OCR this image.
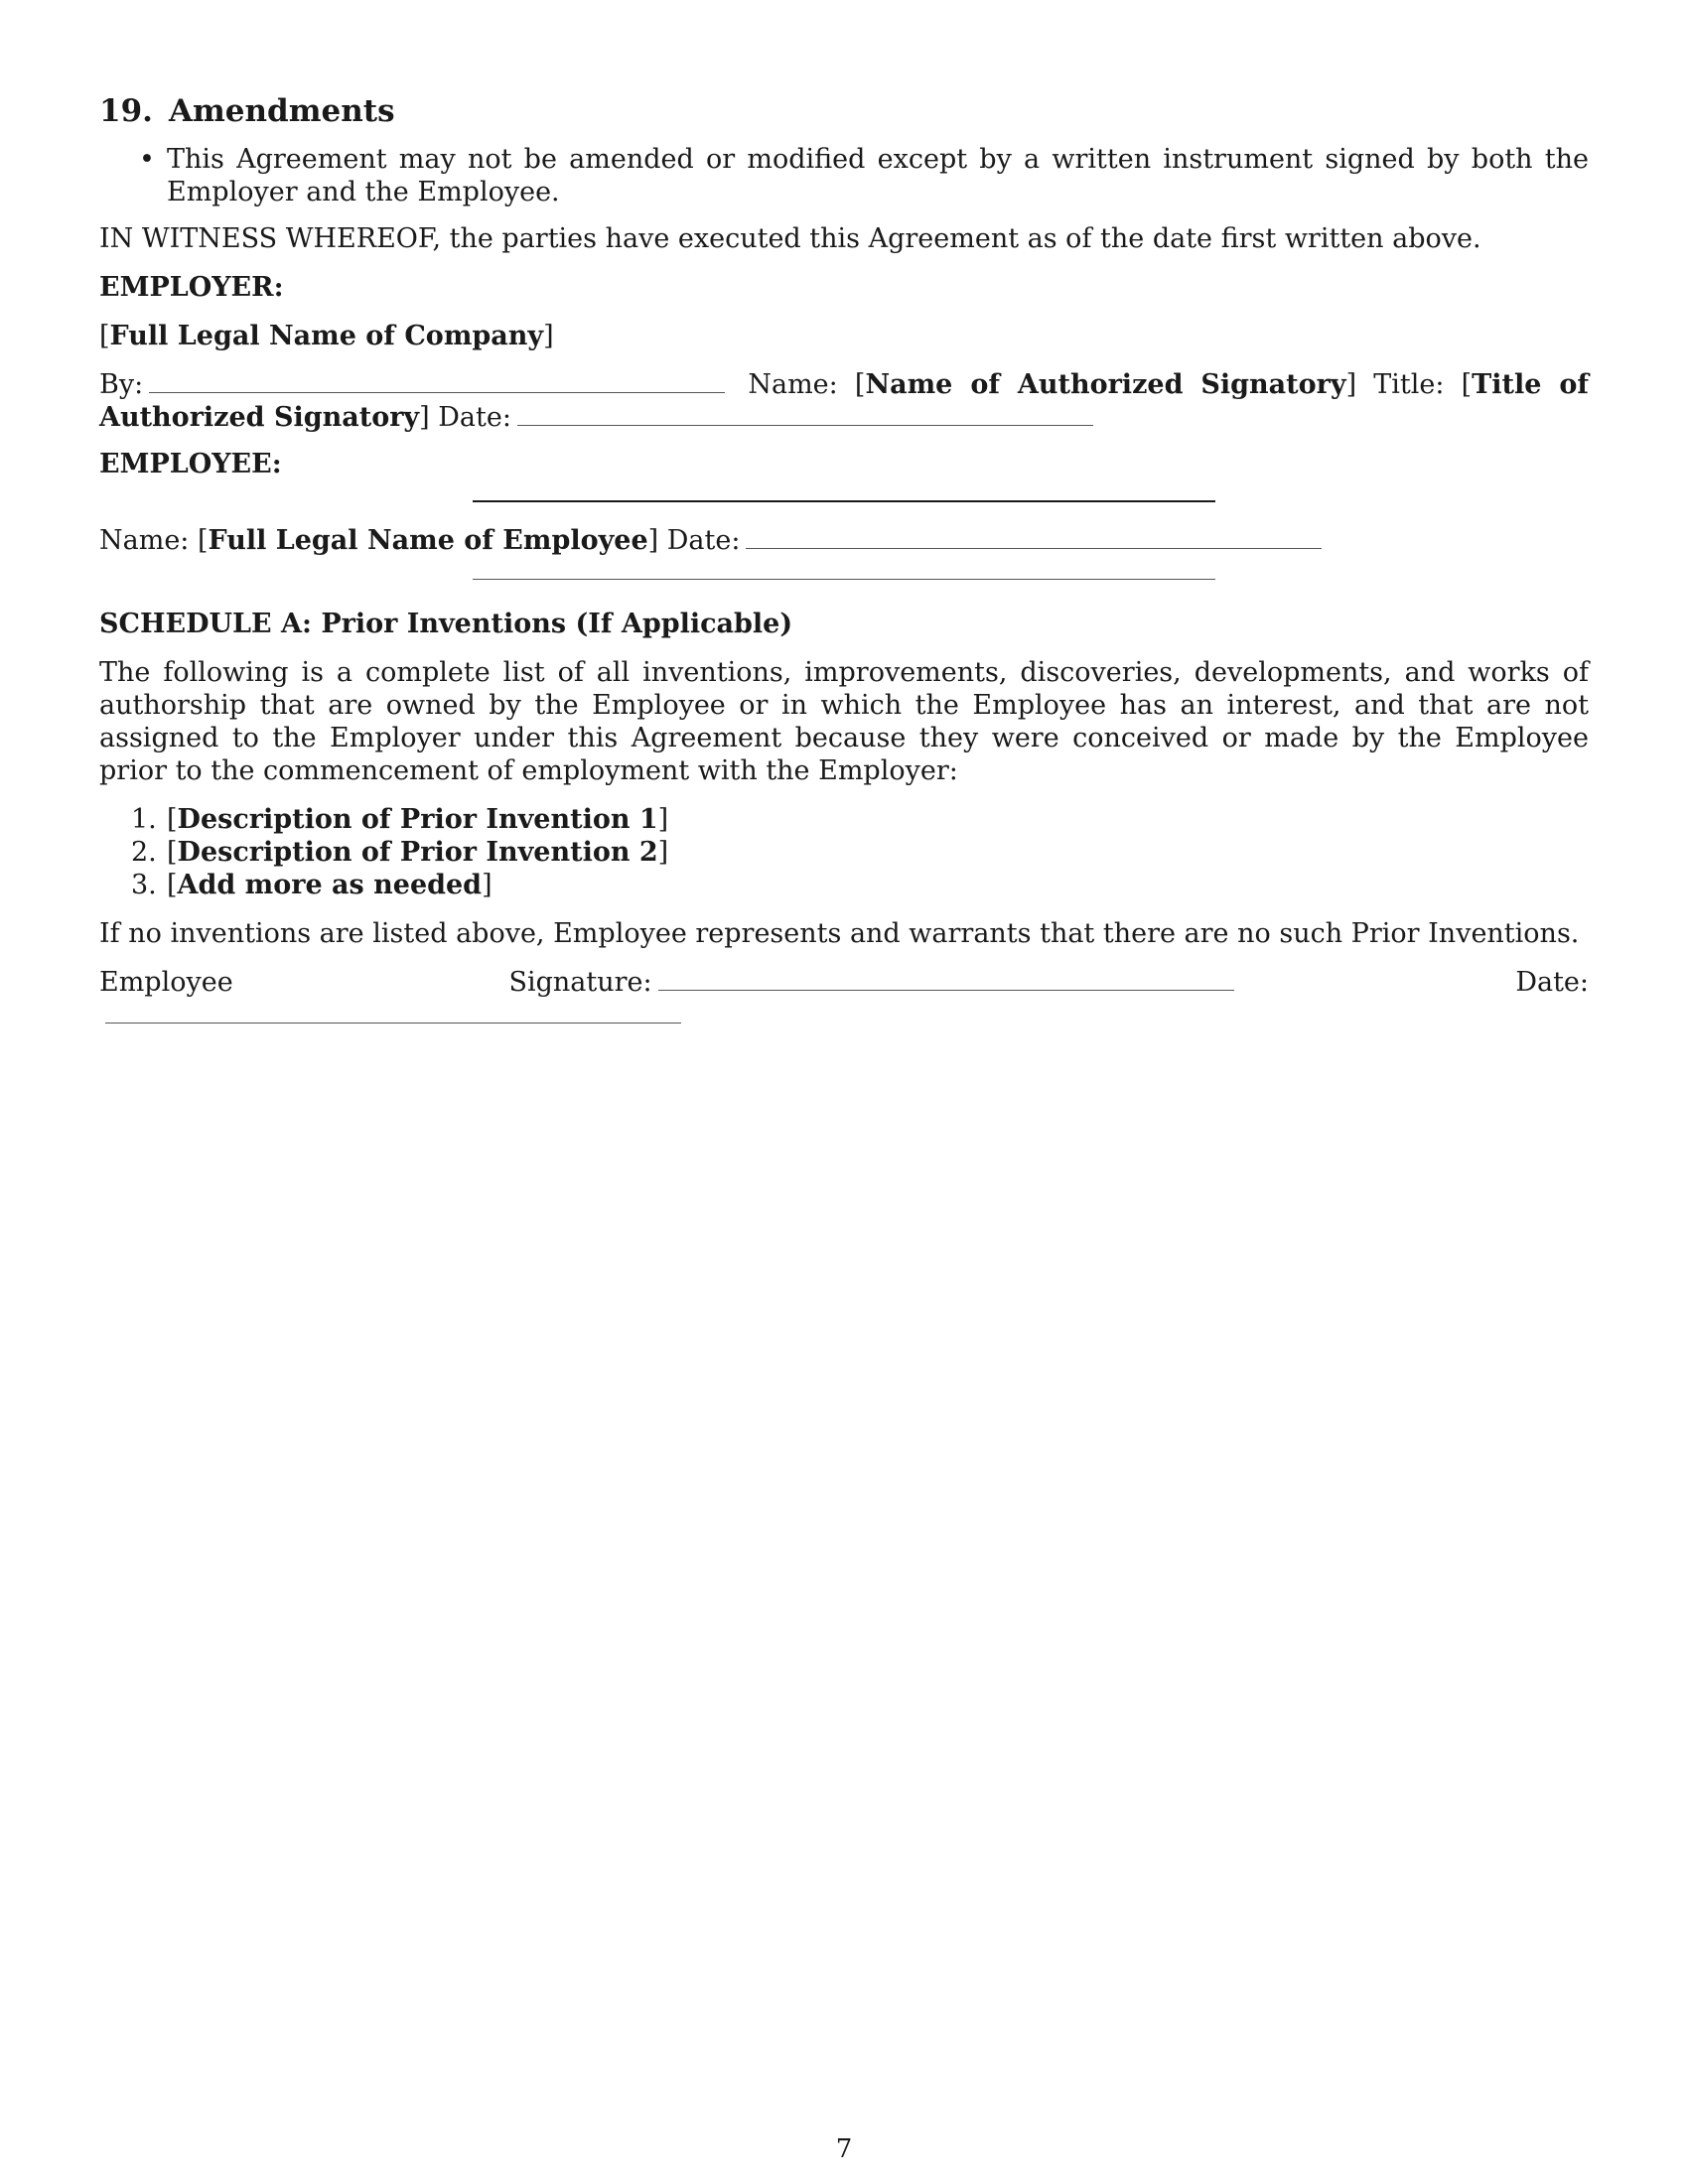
19. Amendments
• This Agreement may not be amended or modified except by a written instrument signed by both the Employer and the Employee.

IN WITNESS WHEREOF, the parties have executed this Agreement as of the date first written above.

EMPLOYER:

[Full Legal Name of Company]

By:	Name: [Name of Authorized Signatory] Title: [Title of Authorized Signatory] Date:

EMPLOYEE:

Name: [Full Legal Name of Employee] Date:

SCHEDULE A: Prior Inventions (If Applicable)

The following is a complete list of all inventions, improvements, discoveries, developments, and works of authorship that are owned by the Employee or in which the Employee has an interest, and that are not assigned to the Employer under this Agreement because they were conceived or made by the Employee prior to the commencement of employment with the Employer:

1. [Description of Prior Invention 1]
2. [Description of Prior Invention 2]
3. [Add more as needed]

If no inventions are listed above, Employee represents and warrants that there are no such Prior Inventions.

Employee Signature:	Date:

7
